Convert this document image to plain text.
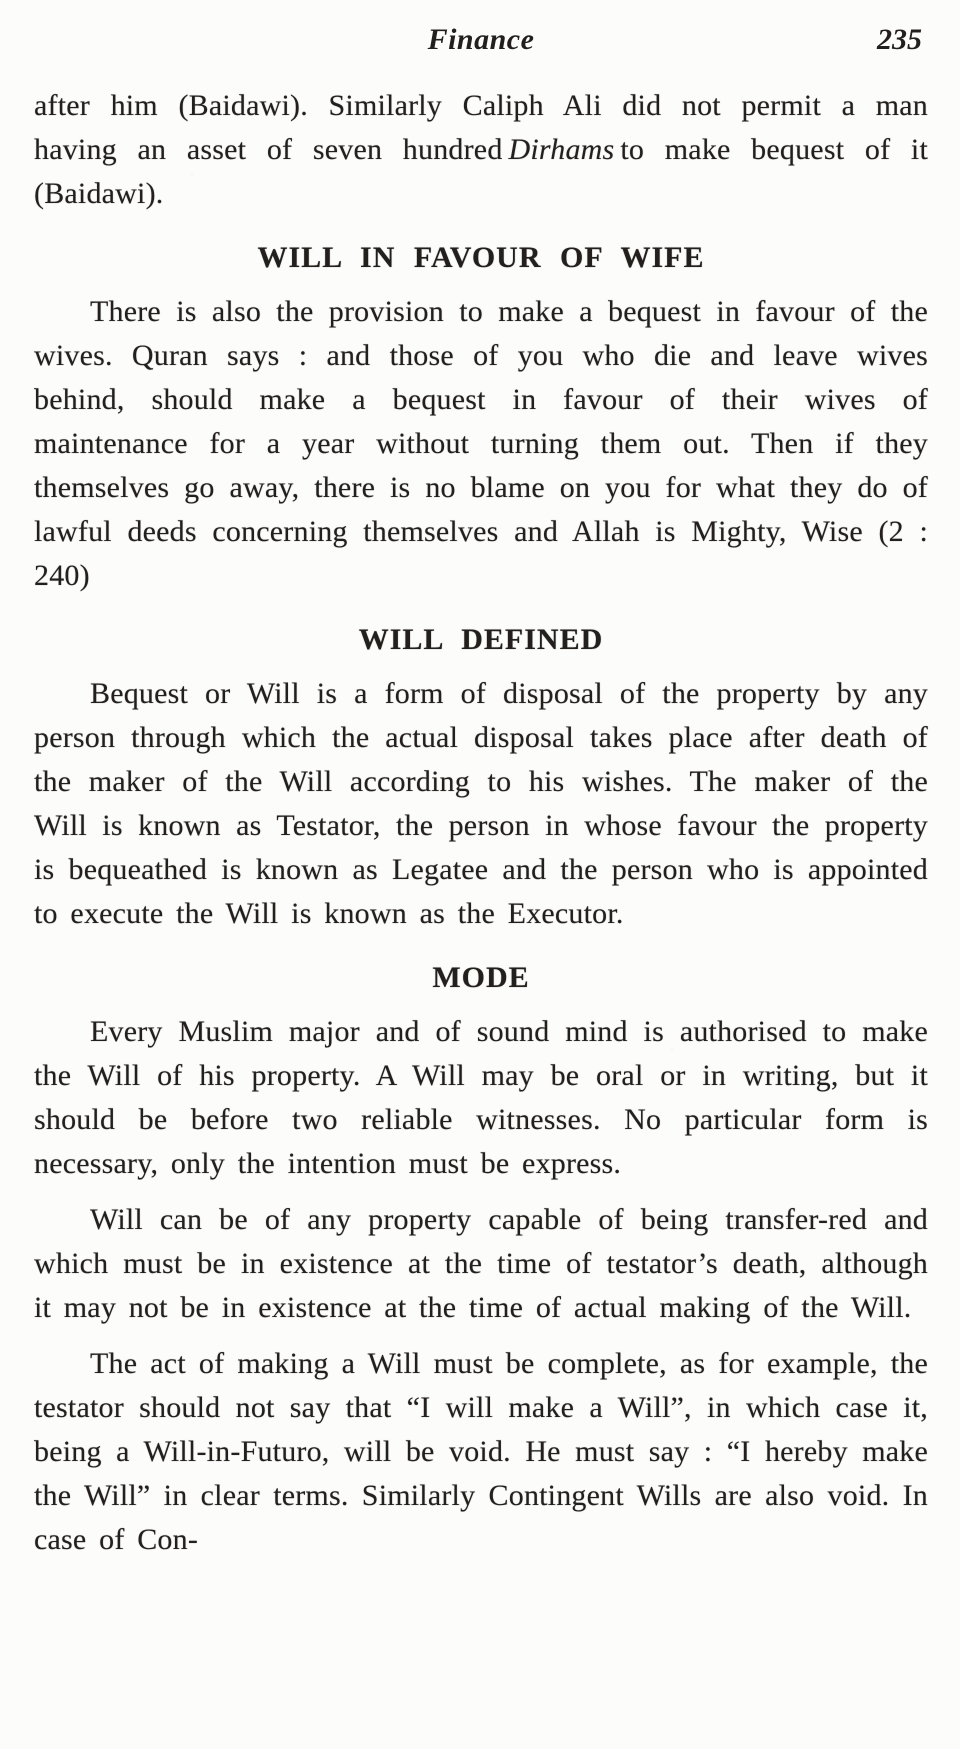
Finance	235

after him (Baidawi). Similarly Caliph Ali did not permit a man having an asset of seven hundred Dirhams to make bequest of it (Baidawi).

WILL IN FAVOUR OF WIFE

There is also the provision to make a bequest in favour of the wives. Quran says : and those of you who die and leave wives behind, should make a bequest in favour of their wives of maintenance for a year without turning them out. Then if they themselves go away, there is no blame on you for what they do of lawful deeds concerning themselves and Allah is Mighty, Wise (2 : 240)

WILL DEFINED

Bequest or Will is a form of disposal of the property by any person through which the actual disposal takes place after death of the maker of the Will according to his wishes. The maker of the Will is known as Testator, the person in whose favour the property is bequeathed is known as Legatee and the person who is appointed to execute the Will is known as the Executor.

MODE

Every Muslim major and of sound mind is authorised to make the Will of his property. A Will may be oral or in writing, but it should be before two reliable witnesses. No particular form is necessary, only the intention must be express.

Will can be of any property capable of being transfer-red and which must be in existence at the time of testator’s death, although it may not be in existence at the time of actual making of the Will.

The act of making a Will must be complete, as for example, the testator should not say that “I will make a Will”, in which case it, being a Will-in-Futuro, will be void. He must say : “I hereby make the Will” in clear terms. Similarly Contingent Wills are also void. In case of Con-
